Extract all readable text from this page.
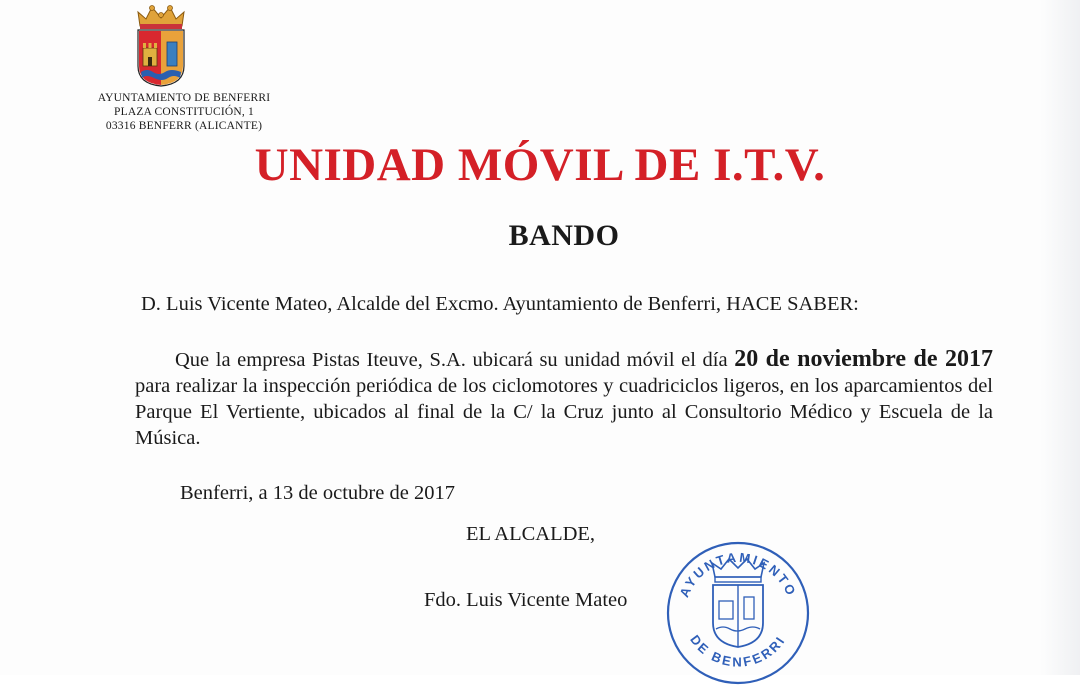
AYUNTAMIENTO DE BENFERRI
PLAZA CONSTITUCIÓN, 1
03316 BENFERR (ALICANTE)
UNIDAD MÓVIL DE I.T.V.
BANDO
D. Luis Vicente Mateo, Alcalde del Excmo. Ayuntamiento de Benferri, HACE SABER:
Que la empresa Pistas Iteuve, S.A. ubicará su unidad móvil el día 20 de noviembre de 2017 para realizar la inspección periódica de los ciclomotores y cuadriciclos ligeros, en los aparcamientos del Parque El Vertiente, ubicados al final de la C/ la Cruz junto al Consultorio Médico y Escuela de la Música.
Benferri, a 13 de octubre de 2017
EL ALCALDE,
Fdo. Luis Vicente Mateo	AYUNTAMIENTO
DE BENFERRI
